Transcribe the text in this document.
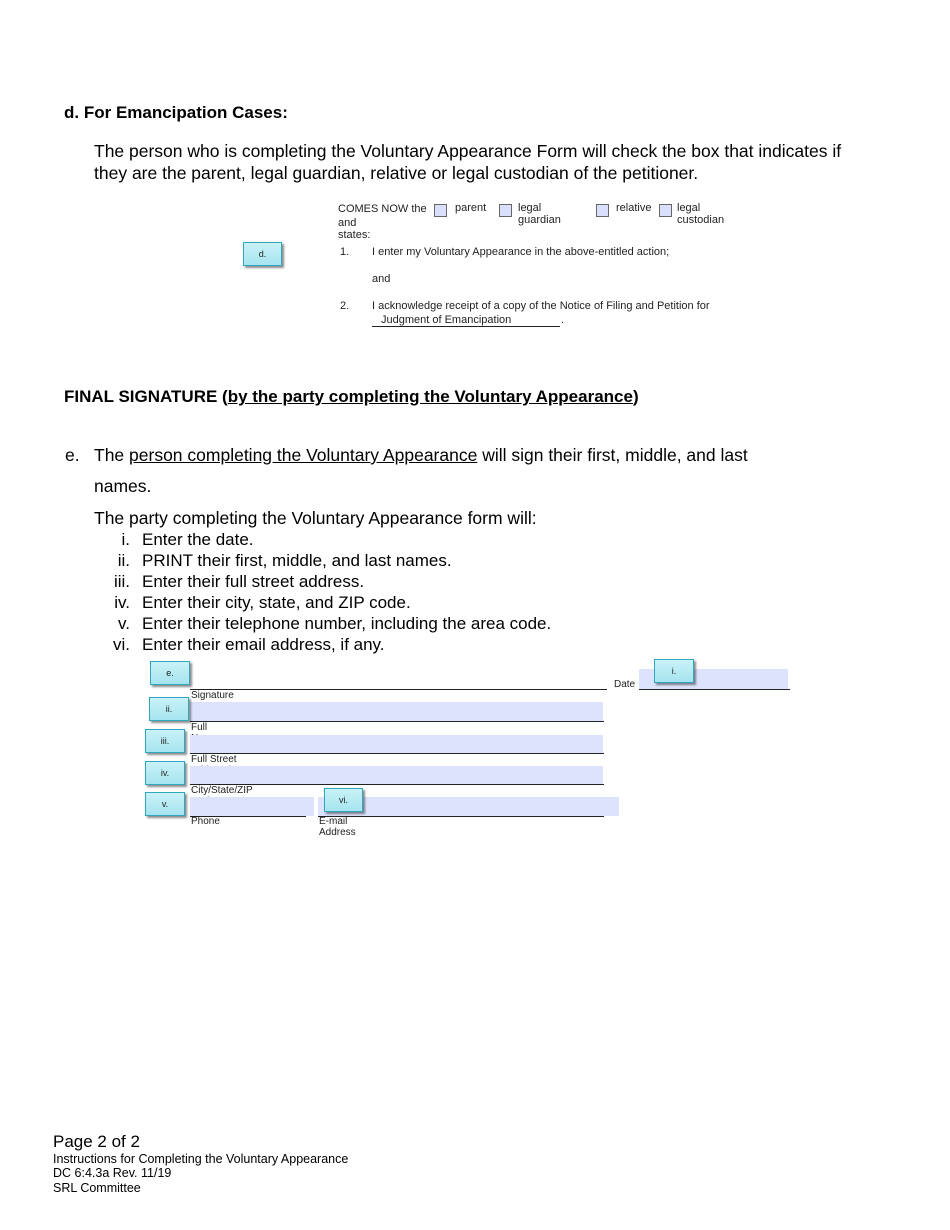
d. For Emancipation Cases:
The person who is completing the Voluntary Appearance Form will check the box that indicates if they are the parent, legal guardian, relative or legal custodian of the petitioner.
COMES NOW the	parent	legal guardian
relative legal custodian
and states:
1. I enter my Voluntary Appearance in the above-entitled action;
and
2. I acknowledge receipt of a copy of the Notice of Filing and Petition for
Judgment of Emancipation	.
d.
FINAL SIGNATURE (by the party completing the Voluntary Appearance)
e. The person completing the Voluntary Appearance will sign their first, middle, and last
names.
The party completing the Voluntary Appearance form will:
i. Enter the date.
ii. PRINT their first, middle, and last names.
iii. Enter their full street address.
iv. Enter their city, state, and ZIP code.
v. Enter their telephone number, including the area code.
vi. Enter their email address, if any.
Signature
Date
Full
Full Street
City/State/ZIP
Phone	E-mail Address
e.	i.
ii.
iii.
iv.
v.	vi.
Page 2 of 2
Instructions for Completing the Voluntary Appearance
DC 6:4.3a Rev. 11/19
SRL Committee
